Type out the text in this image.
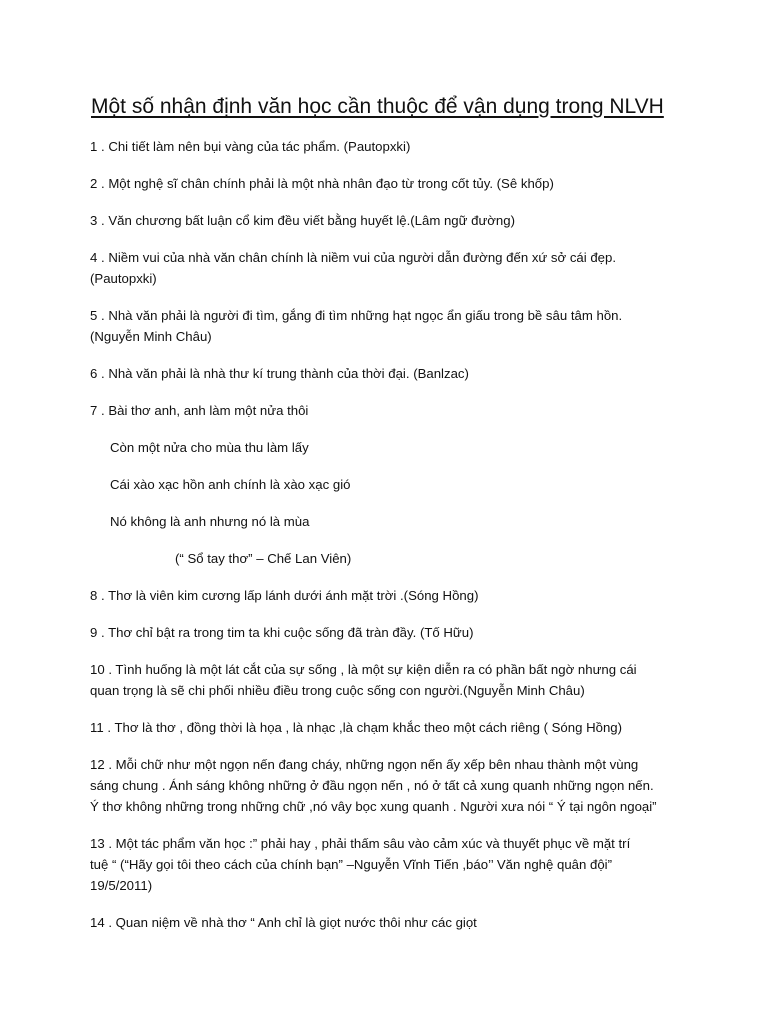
Một số nhận định văn học cần thuộc để vận dụng trong NLVH

1 . Chi tiết làm nên bụi vàng của tác phẩm. (Pautopxki)

2 . Một nghệ sĩ chân chính phải là một nhà nhân đạo từ trong cốt tủy. (Sê khốp)

3 . Văn chương bất luận cổ kim đều viết bằng huyết lệ.(Lâm ngữ đường)

4 . Niềm vui của nhà văn chân chính là niềm vui của người dẫn đường đến xứ sở cái đẹp.
(Pautopxki)

5 . Nhà văn phải là người đi tìm, gắng đi tìm những hạt ngọc ẩn giấu trong bề sâu tâm hồn.
(Nguyễn Minh Châu)

6 . Nhà văn phải là nhà thư kí trung thành của thời đại. (Banlzac)

7 . Bài thơ anh, anh làm một nửa thôi

Còn một nửa cho mùa thu làm lấy

Cái xào xạc hồn anh chính là xào xạc gió

Nó không là anh nhưng nó là mùa

(“ Sổ tay thơ” – Chế Lan Viên)

8 . Thơ là viên kim cương lấp lánh dưới ánh mặt trời .(Sóng Hồng)

9 . Thơ chỉ bật ra trong tim ta khi cuộc sống đã tràn đầy. (Tố Hữu)

10 . Tình huống là một lát cắt của sự sống , là một sự kiện diễn ra có phần bất ngờ nhưng cái
quan trọng là sẽ chi phối nhiều điều trong cuộc sống con người.(Nguyễn Minh Châu)

11 . Thơ là thơ , đồng thời là họa , là nhạc ,là chạm khắc theo một cách riêng ( Sóng Hồng)

12 . Mỗi chữ như một ngọn nến đang cháy, những ngọn nến ấy xếp bên nhau thành một vùng
sáng chung . Ánh sáng không những ở đầu ngọn nến , nó ở tất cả xung quanh những ngọn nến.
Ý thơ không những trong những chữ ,nó vây bọc xung quanh . Người xưa nói “ Ý tại ngôn ngoại”

13 . Một tác phẩm văn học :” phải hay , phải thấm sâu vào cảm xúc và thuyết phục về mặt trí
tuệ “ (“Hãy gọi tôi theo cách của chính bạn” –Nguyễn Vĩnh Tiến ,báo’’ Văn nghệ quân đội”
19/5/2011)

14 . Quan niệm về nhà thơ “ Anh chỉ là giọt nước thôi như các giọt
